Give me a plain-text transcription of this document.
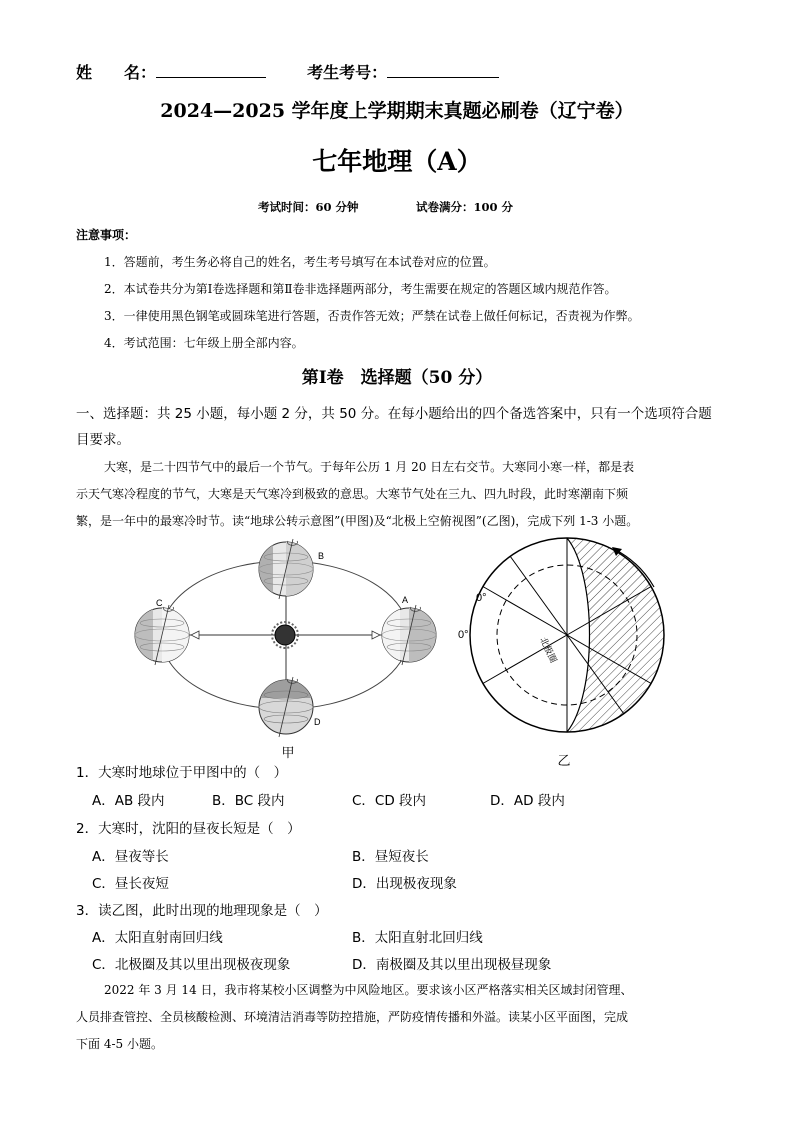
姓　　名：	考生考号：
2024—2025 学年度上学期期末真题必刷卷（辽宁卷）
七年地理（A）
考试时间：60 分钟	试卷满分：100 分
注意事项：
1．答题前，考生务必将自己的姓名，考生考号填写在本试卷对应的位置。
2．本试卷共分为第Ⅰ卷选择题和第Ⅱ卷非选择题两部分，考生需要在规定的答题区域内规范作答。
3．一律使用黑色钢笔或圆珠笔进行答题，否责作答无效；严禁在试卷上做任何标记，否责视为作弊。
4．考试范围：七年级上册全部内容。
第Ⅰ卷　选择题（50 分）
一、选择题：共 25 小题，每小题 2 分，共 50 分。在每小题给出的四个备选答案中，只有一个选项符合题
目要求。
大寒，是二十四节气中的最后一个节气。于每年公历 1 月 20 日左右交节。大寒同小寒一样，都是表
示天气寒冷程度的节气，大寒是天气寒冷到极致的意思。大寒节气处在三九、四九时段，此时寒潮南下频
繁，是一年中的最寒冷时节。读“地球公转示意图”(甲图)及“北极上空俯视图”(乙图)，完成下列 1-3 小题。
B
C	A
D
甲
0°
0°
北极圈
乙
1．大寒时地球位于甲图中的（　）
A．AB 段内	B．BC 段内	C．CD 段内	D．AD 段内
2．大寒时，沈阳的昼夜长短是（　）
A．昼夜等长	B．昼短夜长
C．昼长夜短	D．出现极夜现象
3．读乙图，此时出现的地理现象是（　）
A．太阳直射南回归线	B．太阳直射北回归线
C．北极圈及其以里出现极夜现象	D．南极圈及其以里出现极昼现象
2022 年 3 月 14 日，我市将某校小区调整为中风险地区。要求该小区严格落实相关区域封闭管理、
人员排查管控、全员核酸检测、环境清洁消毒等防控措施，严防疫情传播和外溢。读某小区平面图，完成
下面 4-5 小题。
